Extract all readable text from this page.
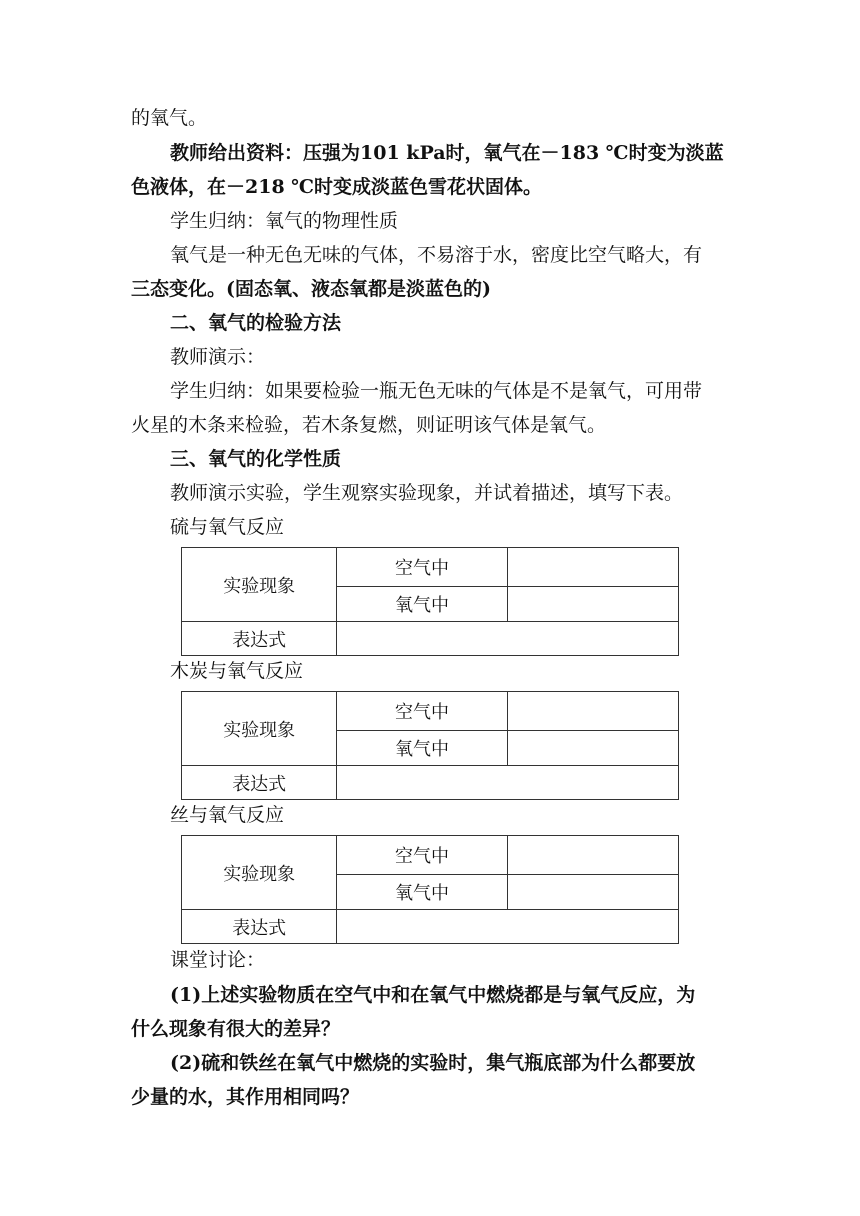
的氧气。
教师给出资料：压强为101 kPa时，氧气在－183 ℃时变为淡蓝
色液体，在－218 ℃时变成淡蓝色雪花状固体。
学生归纳：氧气的物理性质
氧气是一种无色无味的气体，不易溶于水，密度比空气略大，有
三态变化。(固态氧、液态氧都是淡蓝色的)
二、氧气的检验方法
教师演示：
学生归纳：如果要检验一瓶无色无味的气体是不是氧气，可用带
火星的木条来检验，若木条复燃，则证明该气体是氧气。
三、氧气的化学性质
教师演示实验，学生观察实验现象，并试着描述，填写下表。
硫与氧气反应
实验现象	空气中	
	氧气中	
表达式		
木炭与氧气反应
实验现象	空气中	
	氧气中	
表达式		
丝与氧气反应
实验现象	空气中	
	氧气中	
表达式		
课堂讨论：
(1)上述实验物质在空气中和在氧气中燃烧都是与氧气反应，为
什么现象有很大的差异？
(2)硫和铁丝在氧气中燃烧的实验时，集气瓶底部为什么都要放
少量的水，其作用相同吗？
